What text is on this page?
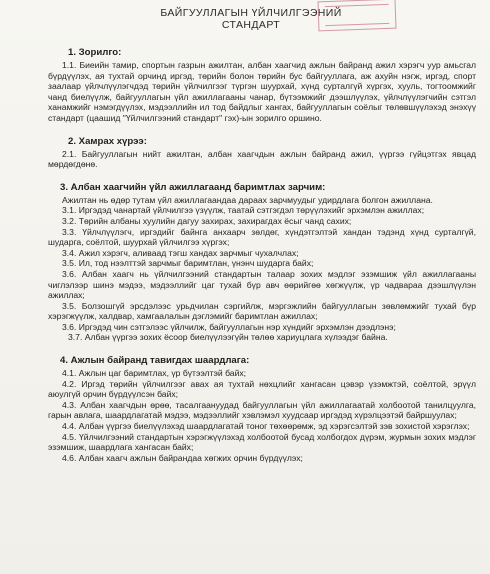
БАЙГУУЛЛАГЫН ҮЙЛЧИЛГЭЭНИЙ
СТАНДАРТ
1. Зорилго:

1.1. Биеийн тамир, спортын газрын ажилтан, албан хаагчид ажлын байранд ажил хэрэгч уур амьсгал бүрдүүлэх, ая тухтай орчинд иргэд, төрийн болон төрийн бус байгууллага, аж ахуйн нэгж, иргэд, спорт заалаар үйлчлүүлэгчдэд төрийн үйлчилгээг түргэн шуурхай, хүнд сурталгүй хүргэх, хууль, тогтоомжийг чанд биелүүлж, байгууллагын үйл ажиллагааны чанар, бүтээмжийг дээшлүүлэх, үйлчлүүлэгчийн сэтгэл ханамжийг нэмэгдүүлэх, мэдээллийн ил тод байдлыг хангах, байгууллагын соёлыг төлөвшүүлэхэд энэхүү стандарт (цаашид "Үйлчилгээний стандарт" гэх)-ын зорилго оршино.

2. Хамрах хүрээ:

2.1. Байгууллагын нийт ажилтан, албан хаагчдын ажлын байранд ажил, үүргээ гүйцэтгэх явцад мөрдөгдөнө.

3. Албан хаагчийн үйл ажиллагаанд баримтлах зарчим:

Ажилтан нь өдөр тутам үйл ажиллагаандаа дараах зарчмуудыг удирдлага болгон ажиллана.

3.1. Иргэдэд чанартай үйлчилгээ үзүүлж, таатай сэтгэгдэл төрүүлэхийг эрхэмлэн ажиллах;

3.2. Төрийн албаны хуулийн дагуу захирах, захирагдах ёсыг чанд сахих;

3.3. Үйлчлүүлэгч, иргэдийг байнга анхаарч зөлдөг, хүндэтгэлтэй хандан тэдэнд хүнд сурталгүй, шударга, соёлтой, шуурхай үйлчилгээ хүргэх;

3.4. Ажил хэрэгч, аливаад тэгш хандах зарчмыг чухалчлах;

3.5. Ил, тод нээлттэй зарчмыг баримтлан, үнэнч шударга байх;

3.6. Албан хаагч нь үйлчилгээний стандартын талаар зохих мэдлэг эзэмшиж үйл ажиллагааны чиглэлээр шинэ мэдээ, мэдээллийг цаг тухай бүр авч өөрийгөө хөгжүүлж, үр чадвараа дээшлүүлэн ажиллах;

3.5. Болзошгүй эрсдэлээс урьдчилан сэргийлж, мэргэжлийн байгууллагын зөвлөмжийг тухай бүр хэрэгжүүлж, халдвар, хамгаалалын дэглэмийг баримтлан ажиллах;

3.6. Иргэдэд чин сэтгэлээс үйлчилж, байгууллагын нэр хүндийг эрхэмлэн дээдлэнэ;

3.7. Албан үүргээ зохих ёсоор биелүүлээгүйн төлөө хариуцлага хүлээдэг байна.

4. Ажлын байранд тавигдах шаардлага:

4.1. Ажлын цаг баримтлах, үр бүтээлтэй байх;

4.2. Иргэд төрийн үйлчилгээг авах ая тухтай нөхцлийг хангасан цэвэр үзэмжтэй, соёлтой, эрүүл аюулгүй орчин бүрдүүлсэн байх;

4.3. Албан хаагчдын өрөө, тасалгаануудад байгууллагын үйл ажиллагаатай холбоотой танилцуулга, гарын авлага, шаардлагатай мэдээ, мэдээллийг хэвлэмэл хуудсаар иргэдэд хүрэлцээтэй байршуулах;

4.4. Албан үүргээ биелүүлэхэд шаардлагатай тоног төхөөрөмж, эд хэрэгсэлтэй зэв зохистой хэрэглэх;

4.5. Үйлчилгээний стандартын хэрэгжүүлэхэд холбоотой бусад холбогдох дүрэм, журмын зохих мэдлэг эзэмшиж, шаардлага хангасан байх;

4.6. Албан хаагч ажлын байрандаа хөгжих орчин бүрдүүлэх;
